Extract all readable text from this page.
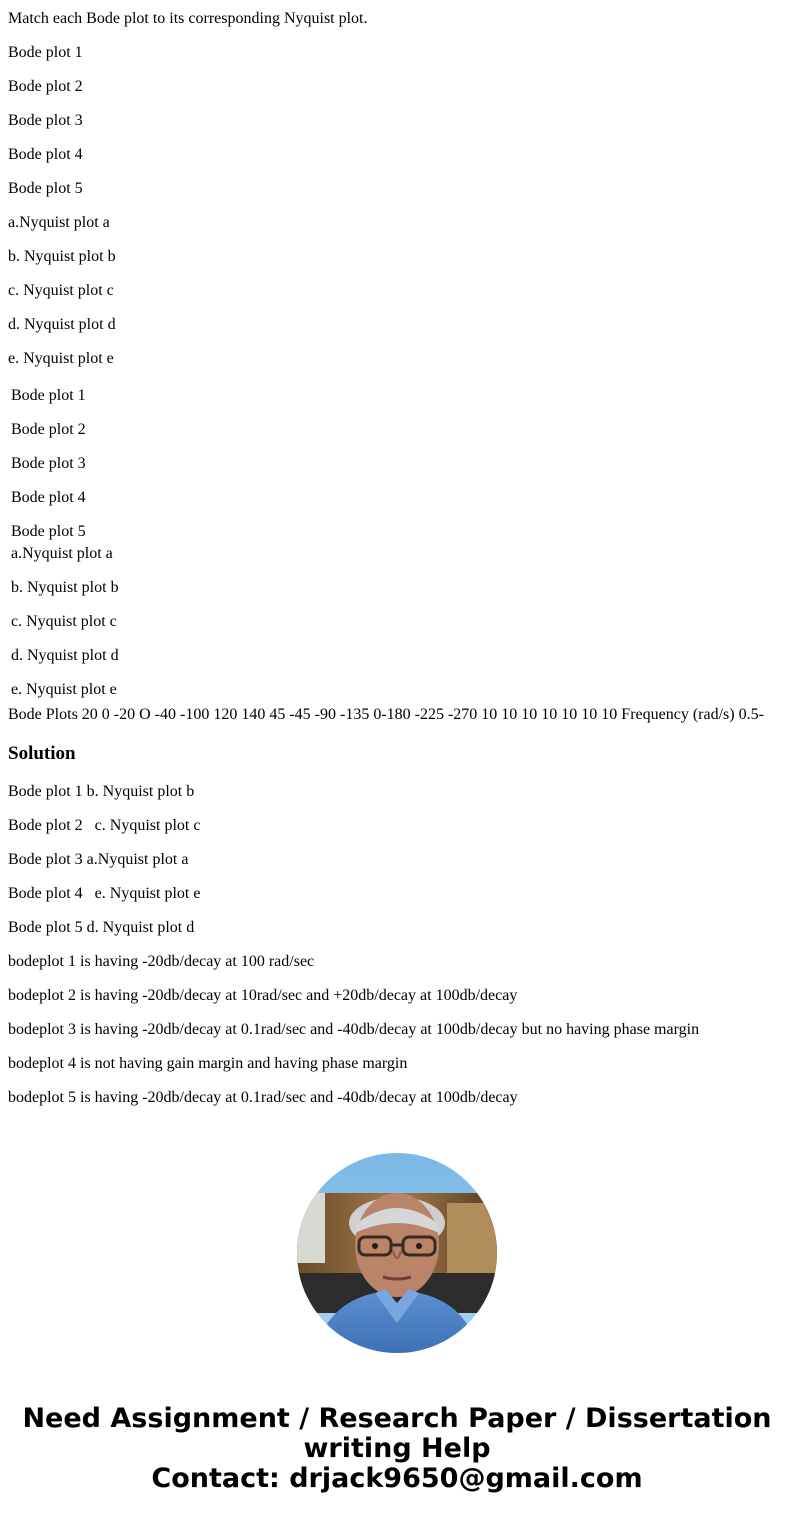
Match each Bode plot to its corresponding Nyquist plot.
Bode plot 1
Bode plot 2
Bode plot 3
Bode plot 4
Bode plot 5
a.Nyquist plot a
b. Nyquist plot b
c. Nyquist plot c
d. Nyquist plot d
e. Nyquist plot e
Bode plot 1
Bode plot 2
Bode plot 3
Bode plot 4
Bode plot 5
a.Nyquist plot a
b. Nyquist plot b
c. Nyquist plot c
d. Nyquist plot d
e. Nyquist plot e
Bode Plots 20 0 -20 O -40 -100 120 140 45 -45 -90 -135 0-180 -225 -270 10 10 10 10 10 10 10 Frequency (rad/s) 0.5-
Solution
Bode plot 1 b. Nyquist plot b
Bode plot 2   c. Nyquist plot c
Bode plot 3 a.Nyquist plot a
Bode plot 4   e. Nyquist plot e
Bode plot 5 d. Nyquist plot d
bodeplot 1 is having -20db/decay at 100 rad/sec
bodeplot 2 is having -20db/decay at 10rad/sec and +20db/decay at 100db/decay
bodeplot 3 is having -20db/decay at 0.1rad/sec and -40db/decay at 100db/decay but no having phase margin
bodeplot 4 is not having gain margin and having phase margin
bodeplot 5 is having -20db/decay at 0.1rad/sec and -40db/decay at 100db/decay
Need Assignment / Research Paper / Dissertation
writing Help
Contact: drjack9650@gmail.com
